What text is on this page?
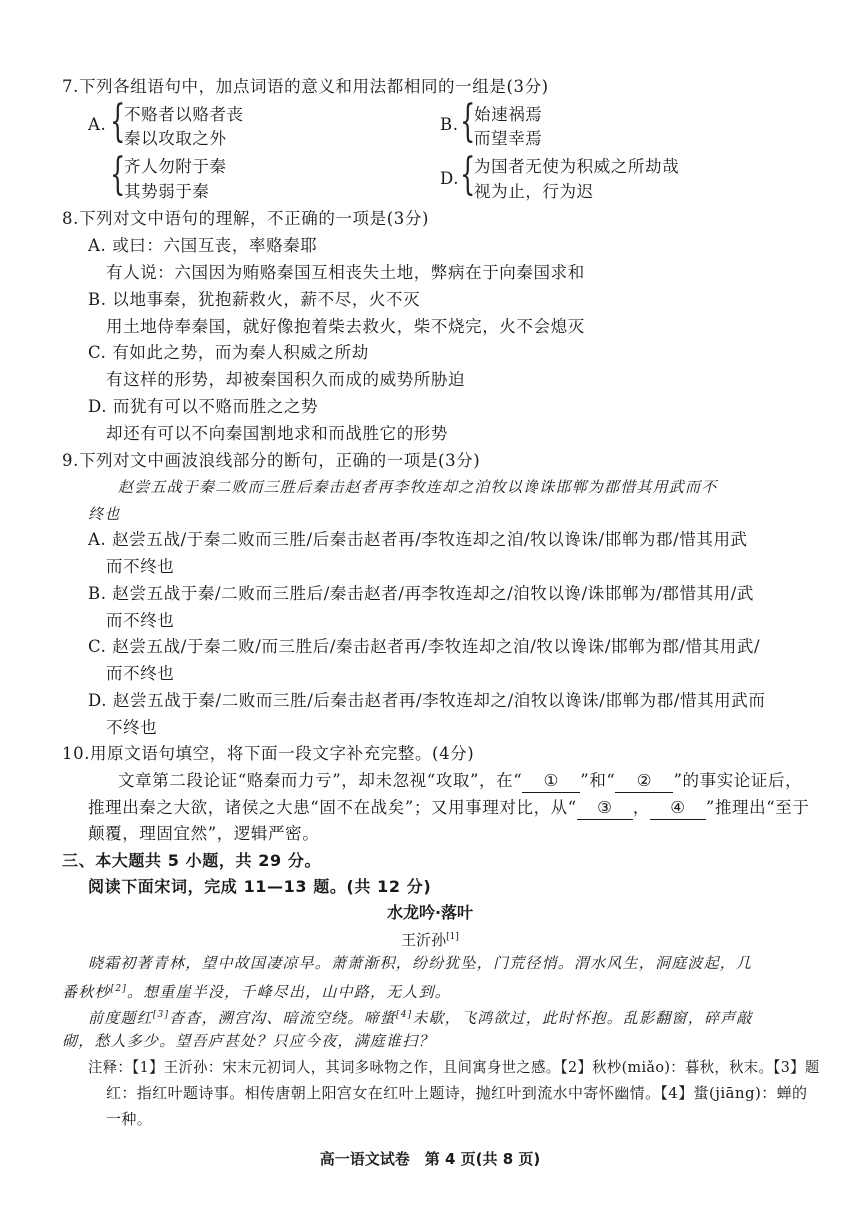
7.下列各组语句中，加点词语的意义和用法都相同的一组是(3分)
A. {
不赂者以赂者丧
秦以攻取之外
B. {
始速祸焉
而望幸焉
{
齐人勿附于秦
其势弱于秦
D. {
为国者无使为积威之所劫哉
视为止，行为迟
8.下列对文中语句的理解，不正确的一项是(3分)
A. 或曰：六国互丧，率赂秦耶
有人说：六国因为贿赂秦国互相丧失土地，弊病在于向秦国求和
B. 以地事秦，犹抱薪救火，薪不尽，火不灭
用土地侍奉秦国，就好像抱着柴去救火，柴不烧完，火不会熄灭
C. 有如此之势，而为秦人积威之所劫
有这样的形势，却被秦国积久而成的威势所胁迫
D. 而犹有可以不赂而胜之之势
却还有可以不向秦国割地求和而战胜它的形势
9.下列对文中画波浪线部分的断句，正确的一项是(3分)
赵尝五战于秦二败而三胜后秦击赵者再李牧连却之洎牧以谗诛邯郸为郡惜其用武而不
终也
A. 赵尝五战/于秦二败而三胜/后秦击赵者再/李牧连却之洎/牧以谗诛/邯郸为郡/惜其用武
而不终也
B. 赵尝五战于秦/二败而三胜后/秦击赵者/再李牧连却之/洎牧以谗/诛邯郸为/郡惜其用/武
而不终也
C. 赵尝五战/于秦二败/而三胜后/秦击赵者再/李牧连却之洎/牧以谗诛/邯郸为郡/惜其用武/
而不终也
D. 赵尝五战于秦/二败而三胜/后秦击赵者再/李牧连却之/洎牧以谗诛/邯郸为郡/惜其用武而
不终也
10.用原文语句填空，将下面一段文字补充完整。(4分)
文章第二段论证“赂秦而力亏”，却未忽视“攻取”，在“ ① ”和“ ② ”的事实论证后，
推理出秦之大欲，诸侯之大患“固不在战矣”；又用事理对比，从“ ③ ， ④ ”推理出“至于
颠覆，理固宜然”，逻辑严密。
三、本大题共 5 小题，共 29 分。
阅读下面宋词，完成 11—13 题。(共 12 分)
水龙吟·落叶
王沂孙[1]
晓霜初著青林，望中故国凄凉早。萧萧渐积，纷纷犹坠，门荒径悄。渭水风生，洞庭波起，几
番秋杪[2]。想重崖半没，千峰尽出，山中路，无人到。
前度题红[3]杳杳，溯宫沟、暗流空绕。啼螀[4]未歇，飞鸿欲过，此时怀抱。乱影翻窗，碎声敲
砌，愁人多少。望吾庐甚处？只应今夜，满庭谁扫？
注释：【1】王沂孙：宋末元初词人，其词多咏物之作，且间寓身世之感。【2】秋杪(miǎo)：暮秋，秋末。【3】题
红：指红叶题诗事。相传唐朝上阳宫女在红叶上题诗，抛红叶到流水中寄怀幽情。【4】螀(jiāng)：蝉的
一种。
高一语文试卷　第 4 页(共 8 页)
